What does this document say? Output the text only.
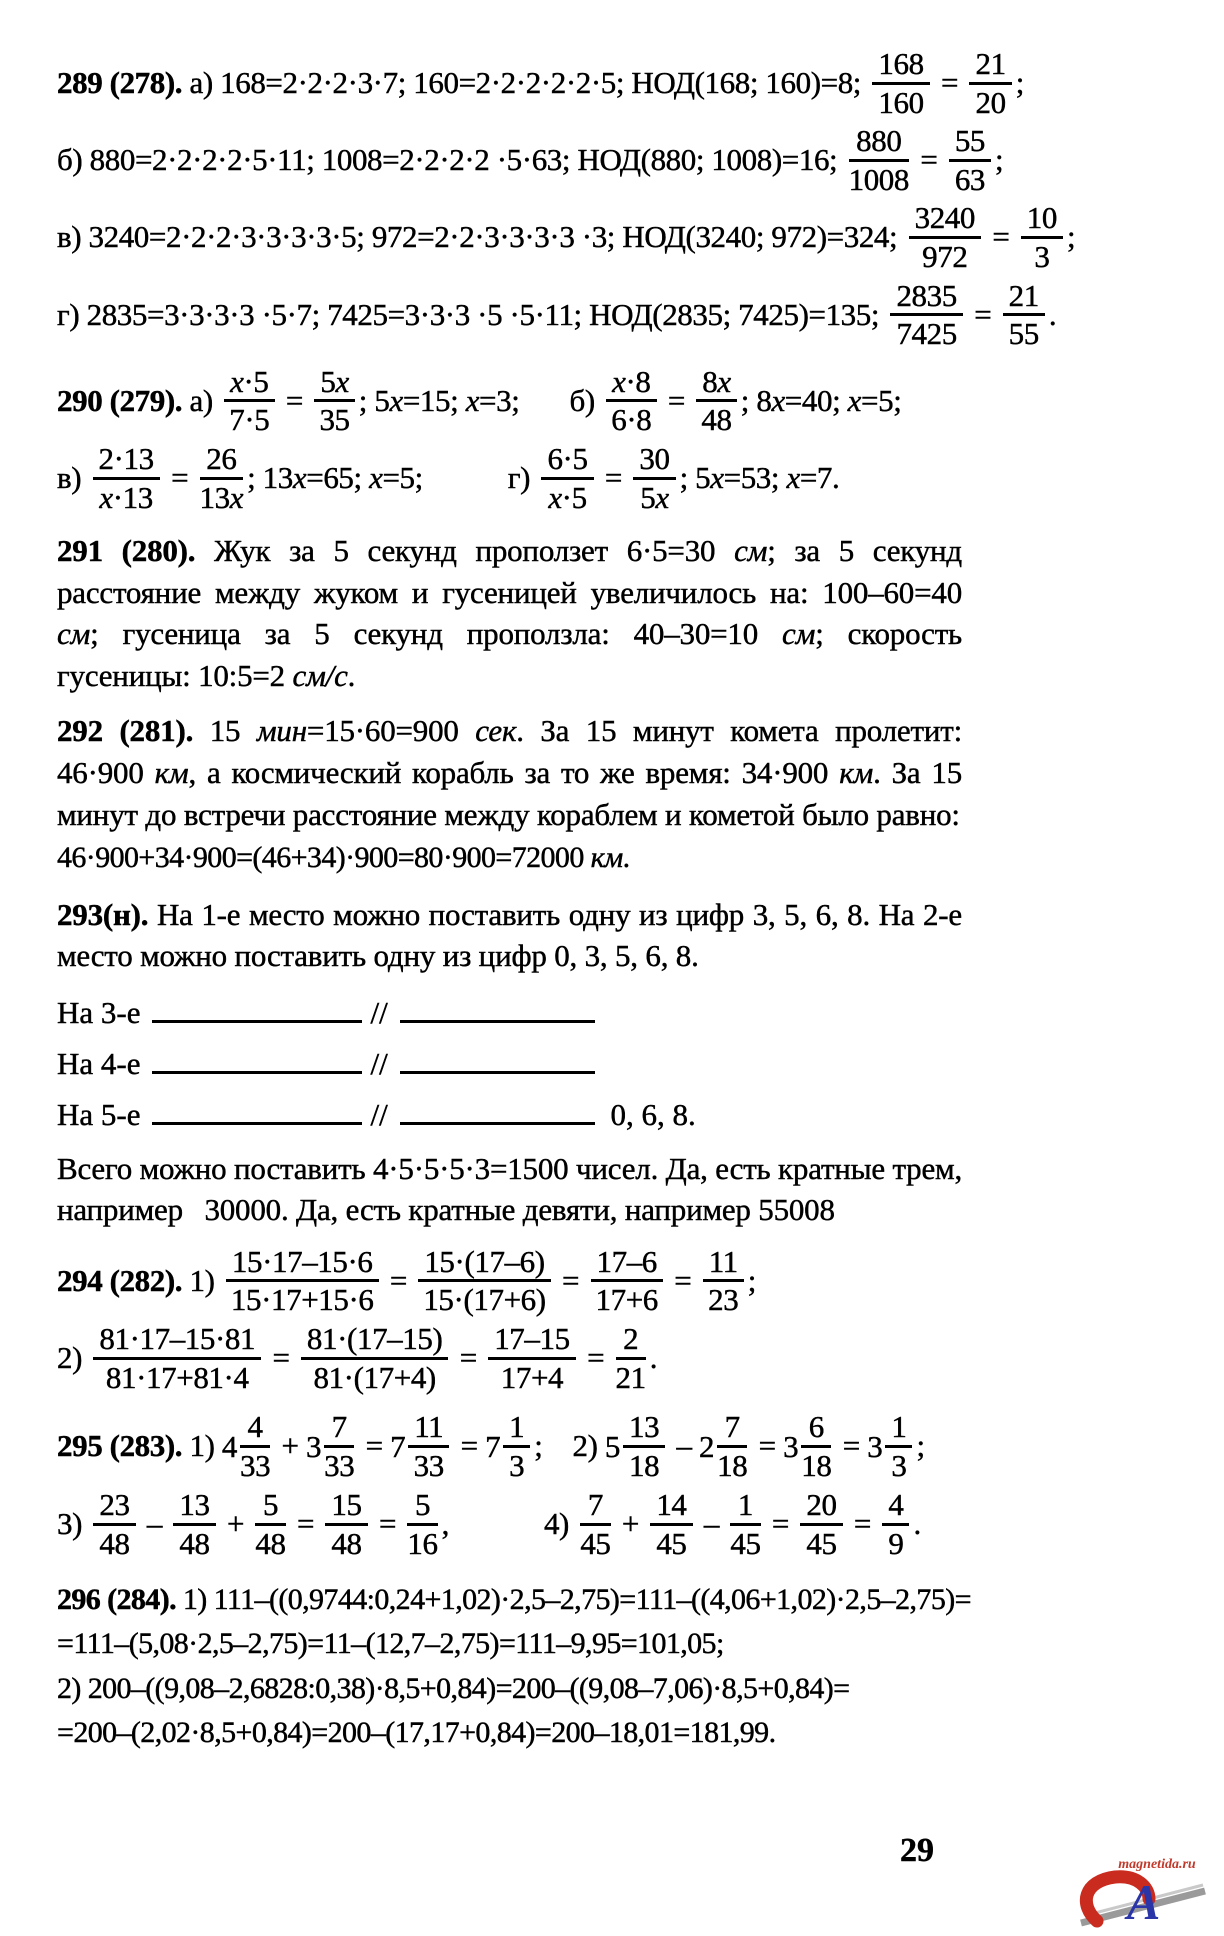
289 (278). а) 168=2·2·2·3·7; 160=2·2·2·2·2·5; НОД(168; 160)=8; $\frac{168}{160} = \frac{21}{20}$ ;
б) 880=2·2·2·2·5·11; 1008=2·2·2·2 ·5·63; НОД(880; 1008)=16; $\frac{880}{1008} = \frac{55}{63}$ ;
в) 3240=2·2·2·3·3·3·3·5; 972=2·2·3·3·3·3 ·3; НОД(3240; 972)=324; $\frac{3240}{972} = \frac{10}{3}$ ;
г) 2835=3·3·3·3 ·5·7; 7425=3·3·3 ·5 ·5·11; НОД(2835; 7425)=135; $\frac{2835}{7425} = \frac{21}{55}$ .
290 (279). $а) \frac{x\cdot 5}{7\cdot 5} = \frac{5x}{35}$ ; 5x=15; x=3; $б) \frac{x\cdot 8}{6\cdot 8} = \frac{8x}{48}$ ; 8x=40; x=5;
$в) \frac{2\cdot 13}{x\cdot 13} = \frac{26}{13x}$ ; 13x=65; x=5;	$г) \frac{6\cdot 5}{x\cdot 5} = \frac{30}{5x}$ ; 5x=53; x=7.
291 (280). Жук за 5 секунд проползет 6·5=30 см; за 5 секунд расстояние между жуком и гусеницей увеличилось на: 100–60=40 см; гусеница за 5 секунд проползла: 40–30=10 см; скорость гусеницы: 10:5=2 см/с.
292 (281). 15 мин=15·60=900 сек. За 15 минут комета пролетит: 46·900 км, а космический корабль за то же время: 34·900 км. За 15 минут до встречи расстояние между кораблем и кометой было равно:
46·900+34·900=(46+34)·900=80·900=72000 км.
293(н). На 1-е место можно поставить одну из цифр 3, 5, 6, 8. На 2-е место можно поставить одну из цифр 0, 3, 5, 6, 8.
На 3-е	//
На 4-е	//
На 5-е	//	0, 6, 8.
Всего можно поставить 4·5·5·5·3=1500 чисел. Да, есть кратные трем, например 30000. Да, есть кратные девяти, например 55008
294 (282). $1) \frac{15\cdot 17-15\cdot 6}{15\cdot 17+15\cdot 6} = \frac{15\cdot(17-6)}{15\cdot(17+6)} = \frac{17-6}{17+6} = \frac{11}{23}$ ;
$2) \frac{81\cdot 17-15\cdot 81}{81\cdot 17+81\cdot 4} = \frac{81\cdot(17-15)}{81\cdot(17+4)} = \frac{17-15}{17+4} = \frac{2}{21}$ .
295 (283). 1) $4 \frac{4}{33} + 3 \frac{7}{33} = 7 \frac{11}{33} = 7 \frac{1}{3}$ ; 2) $5 \frac{13}{18} - 2 \frac{7}{18} = 3 \frac{6}{18} = 3 \frac{1}{3}$ ;
$3) \frac{23}{48} - \frac{13}{48} + \frac{5}{48} = \frac{15}{48} = \frac{5}{16}$ ,	$4) \frac{7}{45} + \frac{14}{45} - \frac{1}{45} = \frac{20}{45} = \frac{4}{9}$ .
296 (284). 1) 111–((0,9744:0,24+1,02)·2,5–2,75)=111–((4,06+1,02)·2,5–2,75)=
=111–(5,08·2,5–2,75)=11–(12,7–2,75)=111–9,95=101,05;
2) 200–((9,08–2,6828:0,38)·8,5+0,84)=200–((9,08–7,06)·8,5+0,84)=
=200–(2,02·8,5+0,84)=200–(17,17+0,84)=200–18,01=181,99.
29	magnetida.ru
A
